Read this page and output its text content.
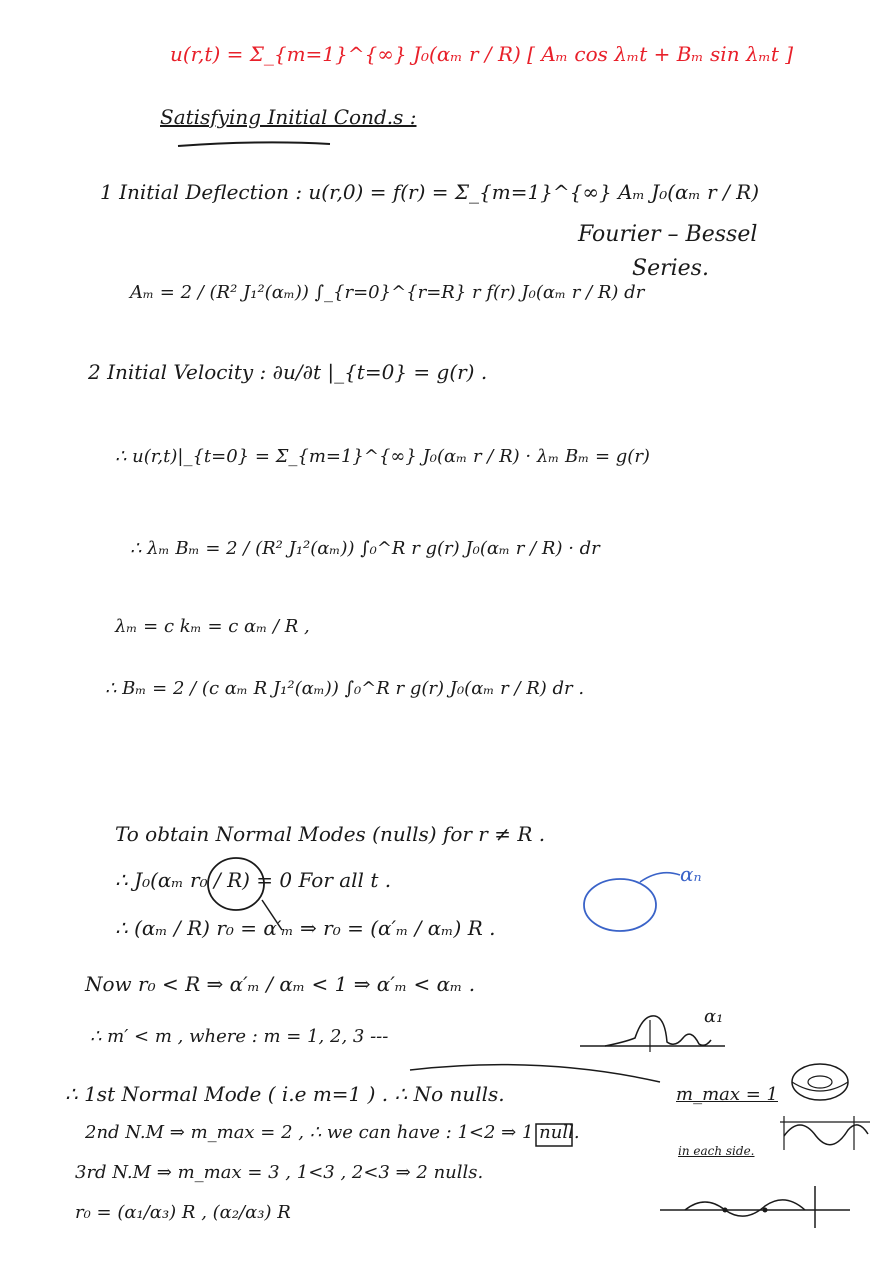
u(r,t) = Σ_{m=1}^{∞} J₀(αₘ r / R) [ Aₘ cos λₘt + Bₘ sin λₘt ]
Satisfying Initial Cond.s :
1 Initial Deflection : u(r,0) = f(r) = Σ_{m=1}^{∞} Aₘ J₀(αₘ r / R)
Fourier – Bessel
Series.
Aₘ = 2 / (R² J₁²(αₘ)) ∫_{r=0}^{r=R} r f(r) J₀(αₘ r / R) dr
2 Initial Velocity : ∂u/∂t |_{t=0} = g(r) .
∴ u(r,t)|_{t=0} = Σ_{m=1}^{∞} J₀(αₘ r / R) · λₘ Bₘ = g(r)
∴ λₘ Bₘ = 2 / (R² J₁²(αₘ)) ∫₀^R r g(r) J₀(αₘ r / R) · dr
λₘ = c kₘ = c αₘ / R ,
∴ Bₘ = 2 / (c αₘ R J₁²(αₘ)) ∫₀^R r g(r) J₀(αₘ r / R) dr .
To obtain Normal Modes (nulls) for r ≠ R .
∴ J₀(αₘ r₀ / R) = 0 For all t .
∴ (αₘ / R) r₀ = α′ₘ ⇒ r₀ = (α′ₘ / αₘ) R .
Now r₀ < R ⇒ α′ₘ / αₘ < 1 ⇒ α′ₘ < αₘ .
∴ m′ < m , where : m = 1, 2, 3 ---
∴ 1st Normal Mode ( i.e m=1 ) . ∴ No nulls.
2nd N.M ⇒ m_max = 2 , ∴ we can have : 1<2 ⇒ 1 null.
3rd N.M ⇒ m_max = 3 , 1<3 , 2<3 ⇒ 2 nulls.
r₀ = (α₁/α₃) R , (α₂/α₃) R
m_max = 1
in each side.
αₙ
α₁
